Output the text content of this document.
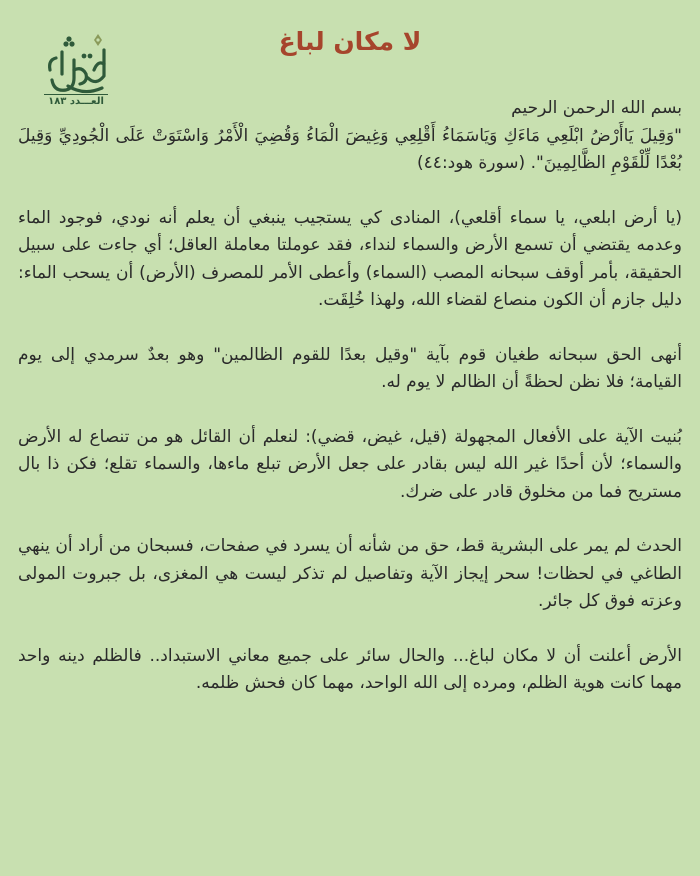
لا مكان لباغ
العـــدد ١٨٣	بسم الله الرحمن الرحيم
"وَقِيلَ يَاأَرْضُ ابْلَعِي مَاءَكِ وَيَاسَمَاءُ أَقْلِعِي وَغِيضَ الْمَاءُ وَقُضِيَ الْأَمْرُ وَاسْتَوَتْ عَلَى الْجُودِيِّ وَقِيلَ بُعْدًا لِّلْقَوْمِ الظَّالِمِينَ". (سورة هود:٤٤)

(يا أرض ابلعي، يا سماء أقلعي)، المنادى كي يستجيب ينبغي أن يعلم أنه نودي، فوجود الماء وعدمه يقتضي أن تسمع الأرض والسماء لنداء، فقد عوملتا معاملة العاقل؛ أي جاءت على سبيل الحقيقة، بأمر أوقف سبحانه المصب (السماء) وأعطى الأمر للمصرف (الأرض) أن يسحب الماء: دليل جازم أن الكون منصاع لقضاء الله، ولهذا خُلِقَت.

أنهى الحق سبحانه طغيان قوم بآية "وقيل بعدًا للقوم الظالمين" وهو بعدٌ سرمدي إلى يوم القيامة؛ فلا نظن لحظةً أن الظالم لا يوم له.

بُنيت الآية على الأفعال المجهولة (قيل، غيض، قضي): لنعلم أن القائل هو من تنصاع له الأرض والسماء؛ لأن أحدًا غير الله ليس بقادر على جعل الأرض تبلع ماءها، والسماء تقلع؛ فكن ذا بال مستريح فما من مخلوق قادر على ضرك.

الحدث لم يمر على البشرية قط، حق من شأنه أن يسرد في صفحات، فسبحان من أراد أن ينهي الطاغي في لحظات! سحر إيجاز الآية وتفاصيل لم تذكر ليست هي المغزى، بل جبروت المولى وعزته فوق كل جائر.

الأرض أعلنت أن لا مكان لباغ... والحال سائر على جميع معاني الاستبداد.. فالظلم دينه واحد مهما كانت هوية الظلم، ومرده إلى الله الواحد، مهما كان فحش ظلمه.
